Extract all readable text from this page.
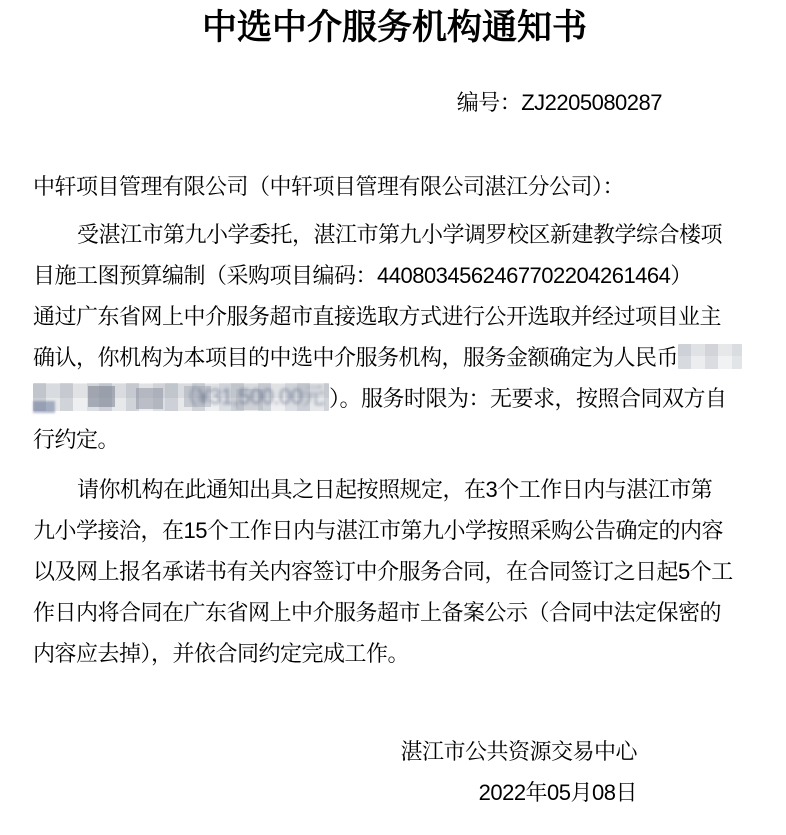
中选中介服务机构通知书
编号：ZJ2205080287
中轩项目管理有限公司（中轩项目管理有限公司湛江分公司）：
受湛江市第九小学委托，湛江市第九小学调罗校区新建教学综合楼项
目施工图预算编制（采购项目编码：4408034562467702204261464）
通过广东省网上中介服务超市直接选取方式进行公开选取并经过项目业主
确认，你机构为本项目的中选中介服务机构，服务金额确定为人民币
（¥31,500.00元 ）。服务时限为：无要求，按照合同双方自
行约定。
请你机构在此通知出具之日起按照规定，在3个工作日内与湛江市第
九小学接洽，在15个工作日内与湛江市第九小学按照采购公告确定的内容
以及网上报名承诺书有关内容签订中介服务合同，在合同签订之日起5个工
作日内将合同在广东省网上中介服务超市上备案公示（合同中法定保密的
内容应去掉），并依合同约定完成工作。
湛江市公共资源交易中心
2022年05月08日
